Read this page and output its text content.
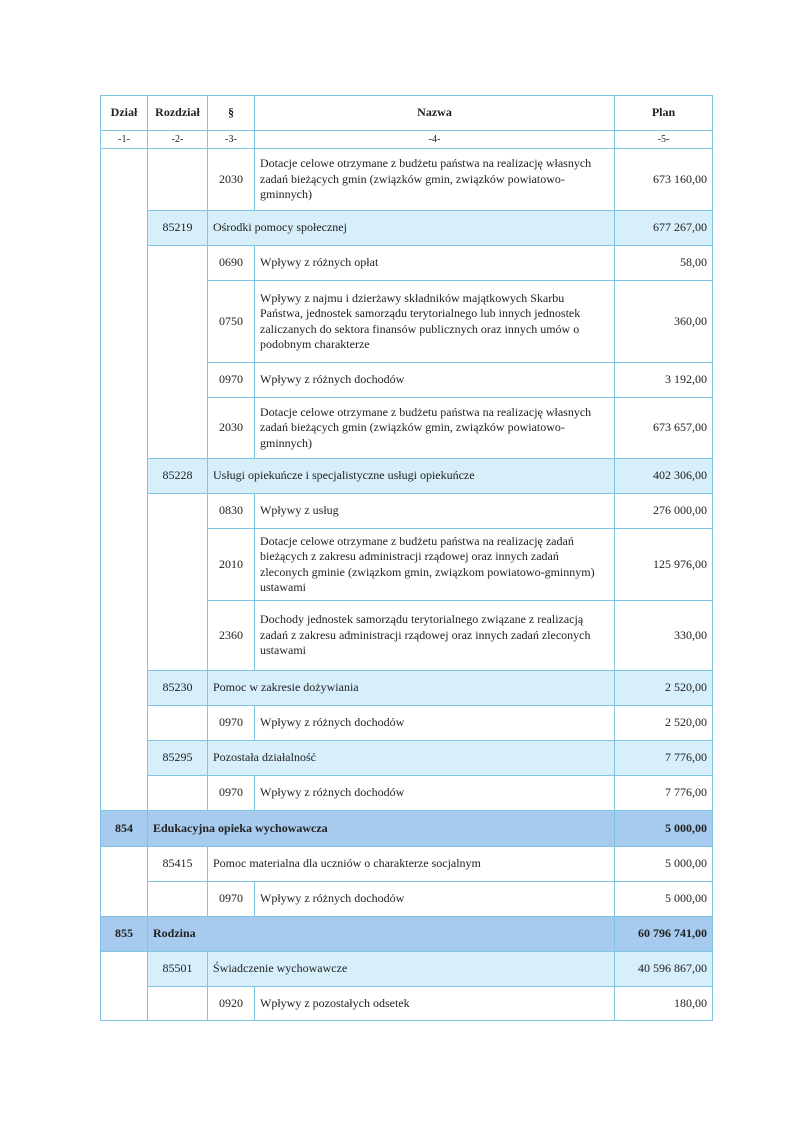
Dział	Rozdział	§	Nazwa	Plan
-1-	-2-	-3-	-4-	-5-
		2030	Dotacje celowe otrzymane z budżetu państwa na realizację własnych zadań bieżących gmin (związków gmin, związków powiatowo-gminnych)	673 160,00
	85219	Ośrodki pomocy społecznej		677 267,00
		0690	Wpływy z różnych opłat	58,00
		0750	Wpływy z najmu i dzierżawy składników majątkowych Skarbu Państwa, jednostek samorządu terytorialnego lub innych jednostek zaliczanych do sektora finansów publicznych oraz innych umów o podobnym charakterze	360,00
		0970	Wpływy z różnych dochodów	3 192,00
		2030	Dotacje celowe otrzymane z budżetu państwa na realizację własnych zadań bieżących gmin (związków gmin, związków powiatowo-gminnych)	673 657,00
	85228	Usługi opiekuńcze i specjalistyczne usługi opiekuńcze		402 306,00
		0830	Wpływy z usług	276 000,00
		2010	Dotacje celowe otrzymane z budżetu państwa na realizację zadań bieżących z zakresu administracji rządowej oraz innych zadań zleconych gminie (związkom gmin, związkom powiatowo-gminnym) ustawami	125 976,00
		2360	Dochody jednostek samorządu terytorialnego związane z realizacją zadań z zakresu administracji rządowej oraz innych zadań zleconych ustawami	330,00
	85230	Pomoc w zakresie dożywiania		2 520,00
		0970	Wpływy z różnych dochodów	2 520,00
	85295	Pozostała działalność		7 776,00
		0970	Wpływy z różnych dochodów	7 776,00
854	Edukacyjna opieka wychowawcza			5 000,00
	85415	Pomoc materialna dla uczniów o charakterze socjalnym		5 000,00
		0970	Wpływy z różnych dochodów	5 000,00
855	Rodzina			60 796 741,00
	85501	Świadczenie wychowawcze		40 596 867,00
		0920	Wpływy z pozostałych odsetek	180,00
